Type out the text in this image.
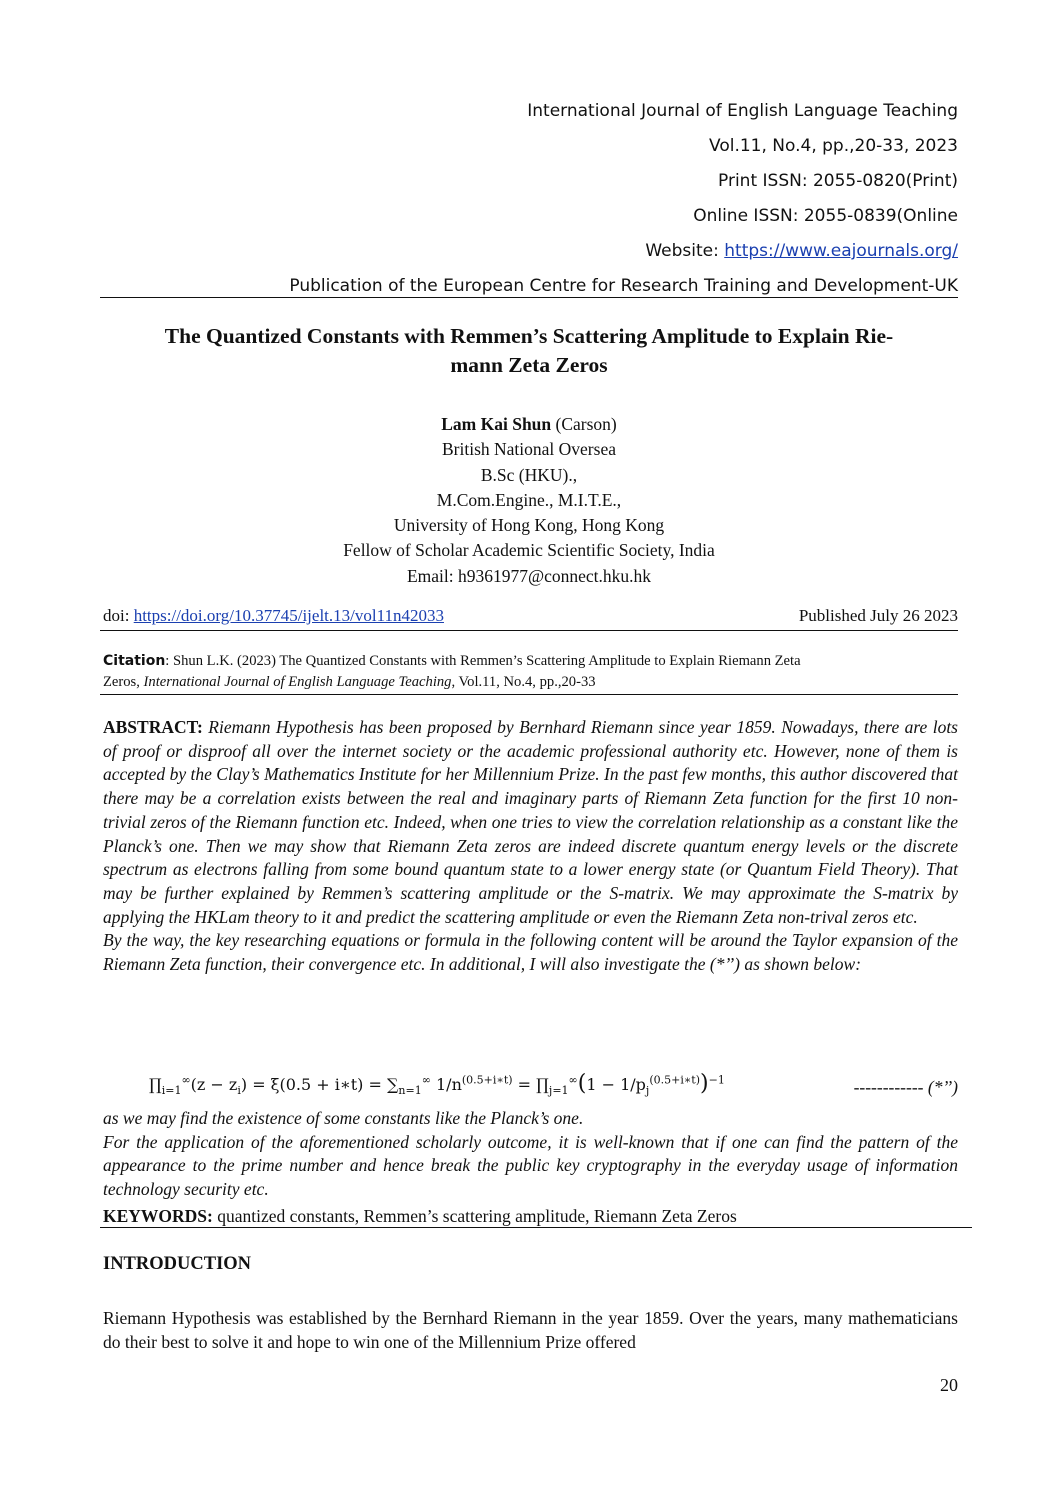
International Journal of English Language Teaching
Vol.11, No.4, pp.,20-33, 2023
Print ISSN: 2055-0820(Print)
Online ISSN: 2055-0839(Online
Website: https://www.eajournals.org/
Publication of the European Centre for Research Training and Development-UK
The Quantized Constants with Remmen’s Scattering Amplitude to Explain Rie-
mann Zeta Zeros
Lam Kai Shun (Carson)
British National Oversea
B.Sc (HKU).,
M.Com.Engine., M.I.T.E.,
University of Hong Kong, Hong Kong
Fellow of Scholar Academic Scientific Society, India
Email: h9361977@connect.hku.hk
doi: https://doi.org/10.37745/ijelt.13/vol11n42033	Published July 26 2023
Citation: Shun L.K. (2023) The Quantized Constants with Remmen’s Scattering Amplitude to Explain Riemann Zeta
Zeros, International Journal of English Language Teaching, Vol.11, No.4, pp.,20-33

ABSTRACT: Riemann Hypothesis has been proposed by Bernhard Riemann since year 1859. Nowadays, there are lots of proof or disproof all over the internet society or the academic professional authority etc. However, none of them is accepted by the Clay’s Mathematics Institute for her Millennium Prize. In the past few months, this author discovered that there may be a correlation exists between the real and imaginary parts of Riemann Zeta function for the first 10 non-trivial zeros of the Riemann function etc. Indeed, when one tries to view the correlation relationship as a constant like the Planck’s one. Then we may show that Riemann Zeta zeros are indeed discrete quantum energy levels or the discrete spectrum as electrons falling from some bound quantum state to a lower energy state (or Quantum Field Theory). That may be further explained by Remmen’s scattering amplitude or the S-matrix. We may approximate the S-matrix by applying the HKLam theory to it and predict the scattering amplitude or even the Riemann Zeta non-trival zeros etc.

By the way, the key researching equations or formula in the following content will be around the Taylor expansion of the Riemann Zeta function, their convergence etc. In additional, I will also investigate the (*’’) as shown below:

$\prod_{i=1}^\infty(z - z_i) = \xi(0.5$ + i∗t) = $\sum_{n=1}^\infty$ $1/n^{(0.5+i∗t)}$ = $\prod_{j=1}^\infty(1 - 1/p_j^{(0.5+i∗t)})^{-1}$	------------ (*’’)

as we may find the existence of some constants like the Planck’s one.

For the application of the aforementioned scholarly outcome, it is well-known that if one can find the pattern of the appearance to the prime number and hence break the public key cryptography in the everyday usage of information technology security etc.

KEYWORDS: quantized constants, Remmen’s scattering amplitude, Riemann Zeta Zeros
INTRODUCTION
Riemann Hypothesis was established by the Bernhard Riemann in the year 1859. Over the years, many mathematicians do their best to solve it and hope to win one of the Millennium Prize offered
20
